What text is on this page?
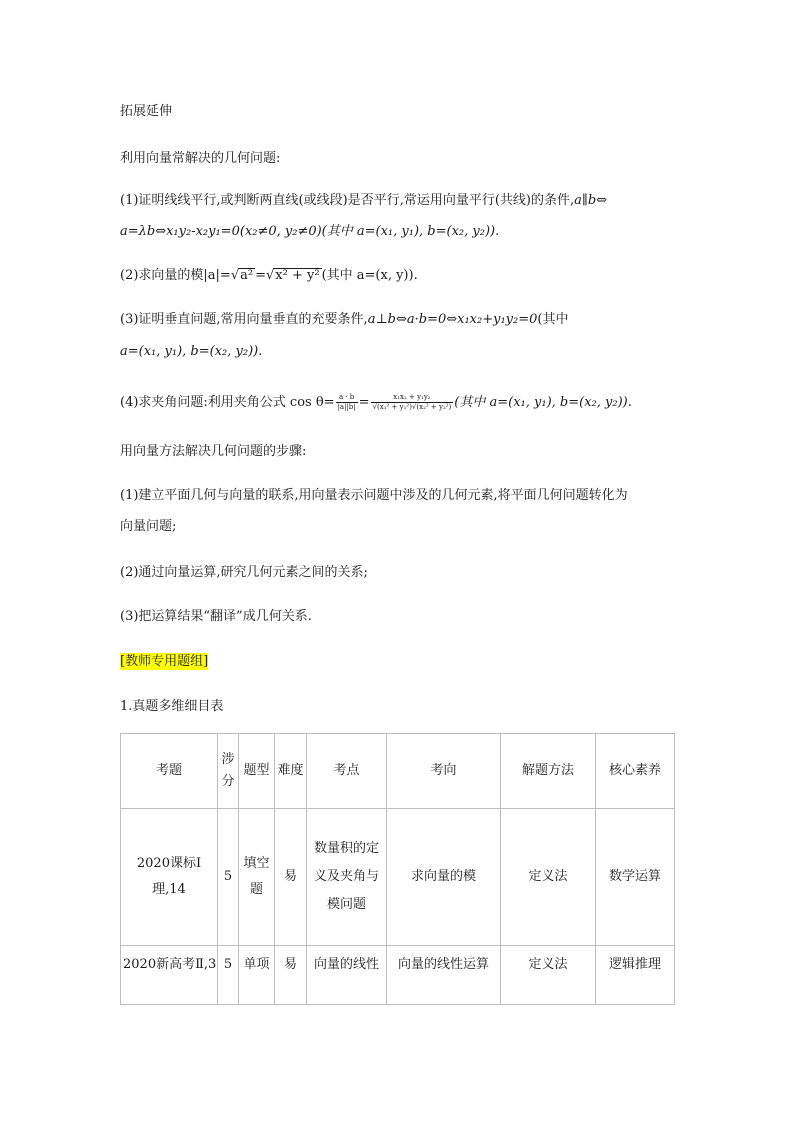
拓展延伸
利用向量常解决的几何问题:
(1)证明线线平行,或判断两直线(或线段)是否平行,常运用向量平行(共线)的条件,a∥b⇔
a=λb⇔x₁y₂-x₂y₁=0(x₂≠0, y₂≠0)(其中 a=(x₁, y₁), b=(x₂, y₂)).
(2)求向量的模|a|=√a² =√x² + y² (其中 a=(x, y)).
(3)证明垂直问题,常用向量垂直的充要条件,a⊥b⇔a·b=0⇔x₁x₂+y₁y₂=0(其中
a=(x₁, y₁), b=(x₂, y₂)).
(4)求夹角问题:利用夹角公式 $\cos \theta= \frac{a \cdot b}{|a||b|} = \frac{\text{x₁x₂ + y₁y₂}}{\text{√(x₁² + y₁²)√(x₂² + y₂²)}}$ (其中 a=(x₁, y₁), b=(x₂, y₂)).
用向量方法解决几何问题的步骤:
(1)建立平面几何与向量的联系,用向量表示问题中涉及的几何元素,将平面几何问题转化为
向量问题;
(2)通过向量运算,研究几何元素之间的关系;
(3)把运算结果“翻译”成几何关系.
[教师专用题组]
1.真题多维细目表
考题	涉分	题型	难度	考点	考向	解题方法	核心素养
2020课标Ⅰ理,14	5	填空题	易	数量积的定义及夹角与模问题	求向量的模	定义法	数学运算

2020新高考Ⅱ,3	5	单项	易	向量的线性	向量的线性运算	定义法	逻辑推理
